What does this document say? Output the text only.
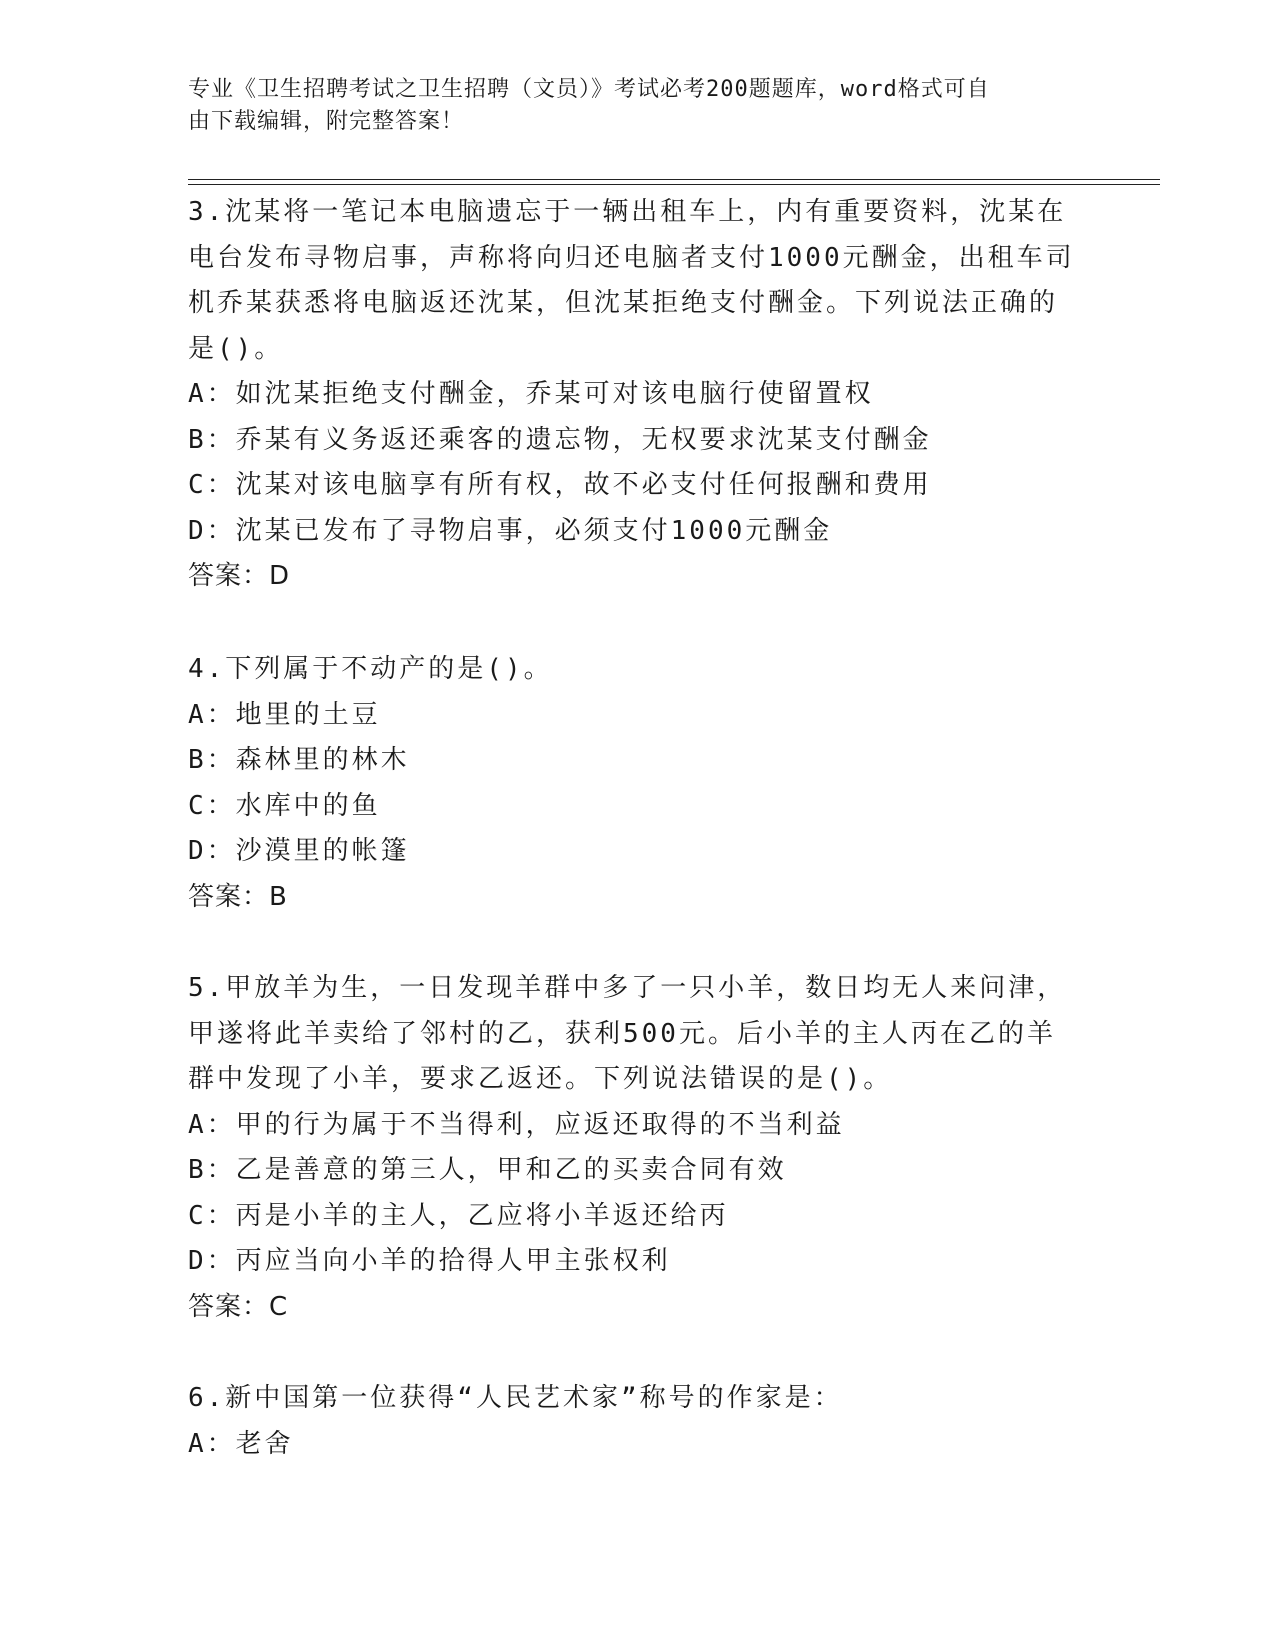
专业《卫生招聘考试之卫生招聘（文员）》考试必考200题题库，word格式可自
由下载编辑，附完整答案！
3.沈某将一笔记本电脑遗忘于一辆出租车上，内有重要资料，沈某在
电台发布寻物启事，声称将向归还电脑者支付1000元酬金，出租车司
机乔某获悉将电脑返还沈某，但沈某拒绝支付酬金。下列说法正确的
是()。
A：如沈某拒绝支付酬金，乔某可对该电脑行使留置权
B：乔某有义务返还乘客的遗忘物，无权要求沈某支付酬金
C：沈某对该电脑享有所有权，故不必支付任何报酬和费用
D：沈某已发布了寻物启事，必须支付1000元酬金
答案：D
4.下列属于不动产的是()。
A：地里的土豆
B：森林里的林木
C：水库中的鱼
D：沙漠里的帐篷
答案：B
5.甲放羊为生，一日发现羊群中多了一只小羊，数日均无人来问津，
甲遂将此羊卖给了邻村的乙，获利500元。后小羊的主人丙在乙的羊
群中发现了小羊，要求乙返还。下列说法错误的是()。
A：甲的行为属于不当得利，应返还取得的不当利益
B：乙是善意的第三人，甲和乙的买卖合同有效
C：丙是小羊的主人，乙应将小羊返还给丙
D：丙应当向小羊的拾得人甲主张权利
答案：C
6.新中国第一位获得“人民艺术家”称号的作家是：
A：老舍
